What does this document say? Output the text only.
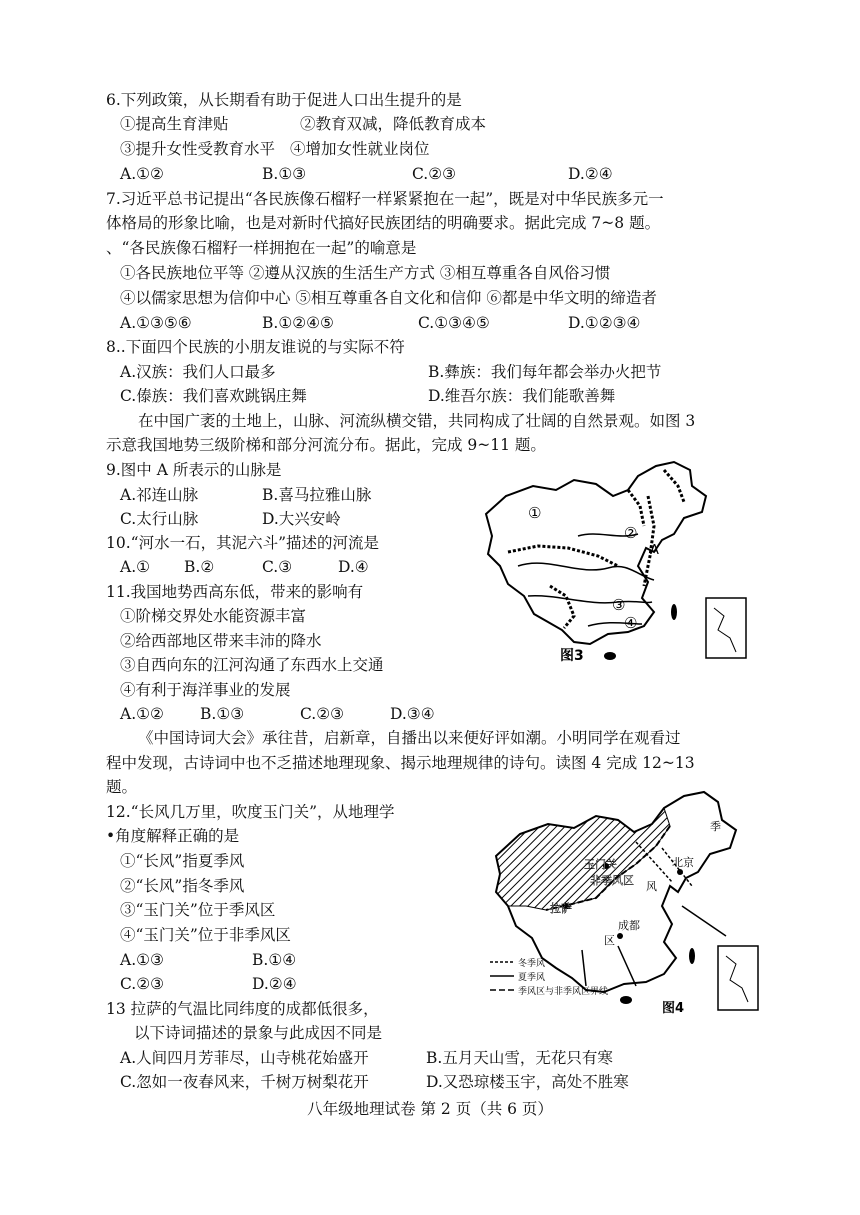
6.下列政策，从长期看有助于促进人口出生提升的是
①提高生育津贴	②教育双减，降低教育成本
③提升女性受教育水平 ④增加女性就业岗位
A.①②	B.①③	C.②③	D.②④
7.习近平总书记提出“各民族像石榴籽一样紧紧抱在一起”，既是对中华民族多元一
体格局的形象比喻，也是对新时代搞好民族团结的明确要求。据此完成 7~8 题。
、“各民族像石榴籽一样拥抱在一起”的喻意是
①各民族地位平等 ②遵从汉族的生活生产方式 ③相互尊重各自风俗习惯
④以儒家思想为信仰中心 ⑤相互尊重各自文化和信仰 ⑥都是中华文明的缔造者
A.①③⑤⑥	B.①②④⑤	C.①③④⑤	D.①②③④
8..下面四个民族的小朋友谁说的与实际不符
A.汉族：我们人口最多	B.彝族：我们每年都会举办火把节
C.傣族：我们喜欢跳锅庄舞	D.维吾尔族：我们能歌善舞
在中国广袤的土地上，山脉、河流纵横交错，共同构成了壮阔的自然景观。如图 3
示意我国地势三级阶梯和部分河流分布。据此，完成 9~11 题。
9.图中 A 所表示的山脉是
A.祁连山脉	B.喜马拉雅山脉
C.太行山脉	D.大兴安岭
10.“河水一石，其泥六斗”描述的河流是
A.① B.②	C.③	D.④
11.我国地势西高东低，带来的影响有
①阶梯交界处水能资源丰富
②给西部地区带来丰沛的降水
③自西向东的江河沟通了东西水上交通
④有利于海洋事业的发展
A.①② B.①③	C.②③	D.③④
①
②
A
③
④
图3
《中国诗词大会》承往昔，启新章，自播出以来便好评如潮。小明同学在观看过
程中发现，古诗词中也不乏描述地理现象、揭示地理规律的诗句。读图 4 完成 12~13
题。
12.“长风几万里，吹度玉门关”，从地理学
•角度解释正确的是
①“长风”指夏季风
②“长风”指冬季风
③“玉门关”位于季风区
④“玉门关”位于非季风区
A.①③	B.①④
C.②③	D.②④
玉门关
非季风区
拉萨
北京
成都
季
风
区
冬季风
夏季风
季风区与非季风区界线
图4
13 拉萨的气温比同纬度的成都低很多，
以下诗词描述的景象与此成因不同是
A.人间四月芳菲尽，山寺桃花始盛开	B.五月天山雪，无花只有寒
C.忽如一夜春风来，千树万树梨花开	D.又恐琼楼玉宇，高处不胜寒
八年级地理试卷 第 2 页（共 6 页）
